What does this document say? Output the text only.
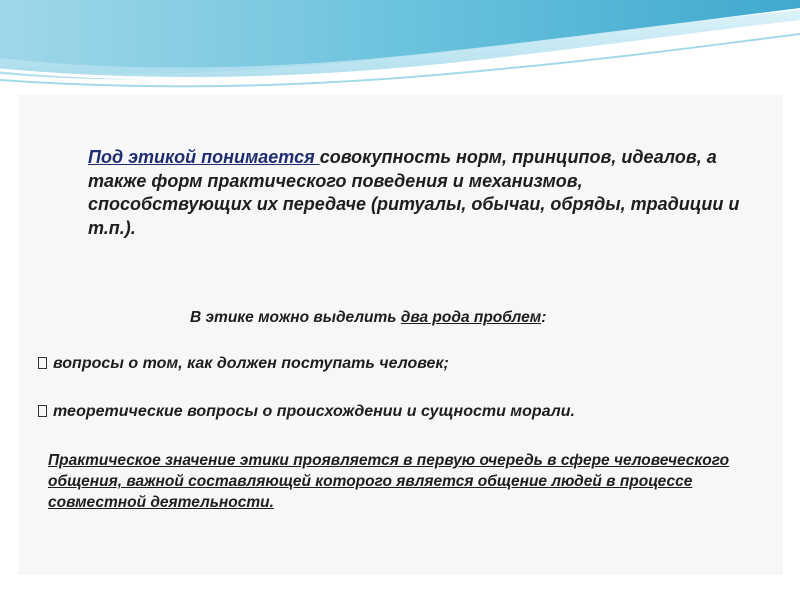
Под этикой понимается совокупность норм, принципов, идеалов, а также форм практического поведения и механизмов, способствующих их передаче (ритуалы, обычаи, обряды, традиции и т.п.).

В этике можно выделить два рода проблем:

вопросы о том, как должен поступать человек;

теоретические вопросы о происхождении и сущности морали.

Практическое значение этики проявляется в первую очередь в сфере человеческого общения, важной составляющей которого является общение людей в процессе совместной деятельности.
